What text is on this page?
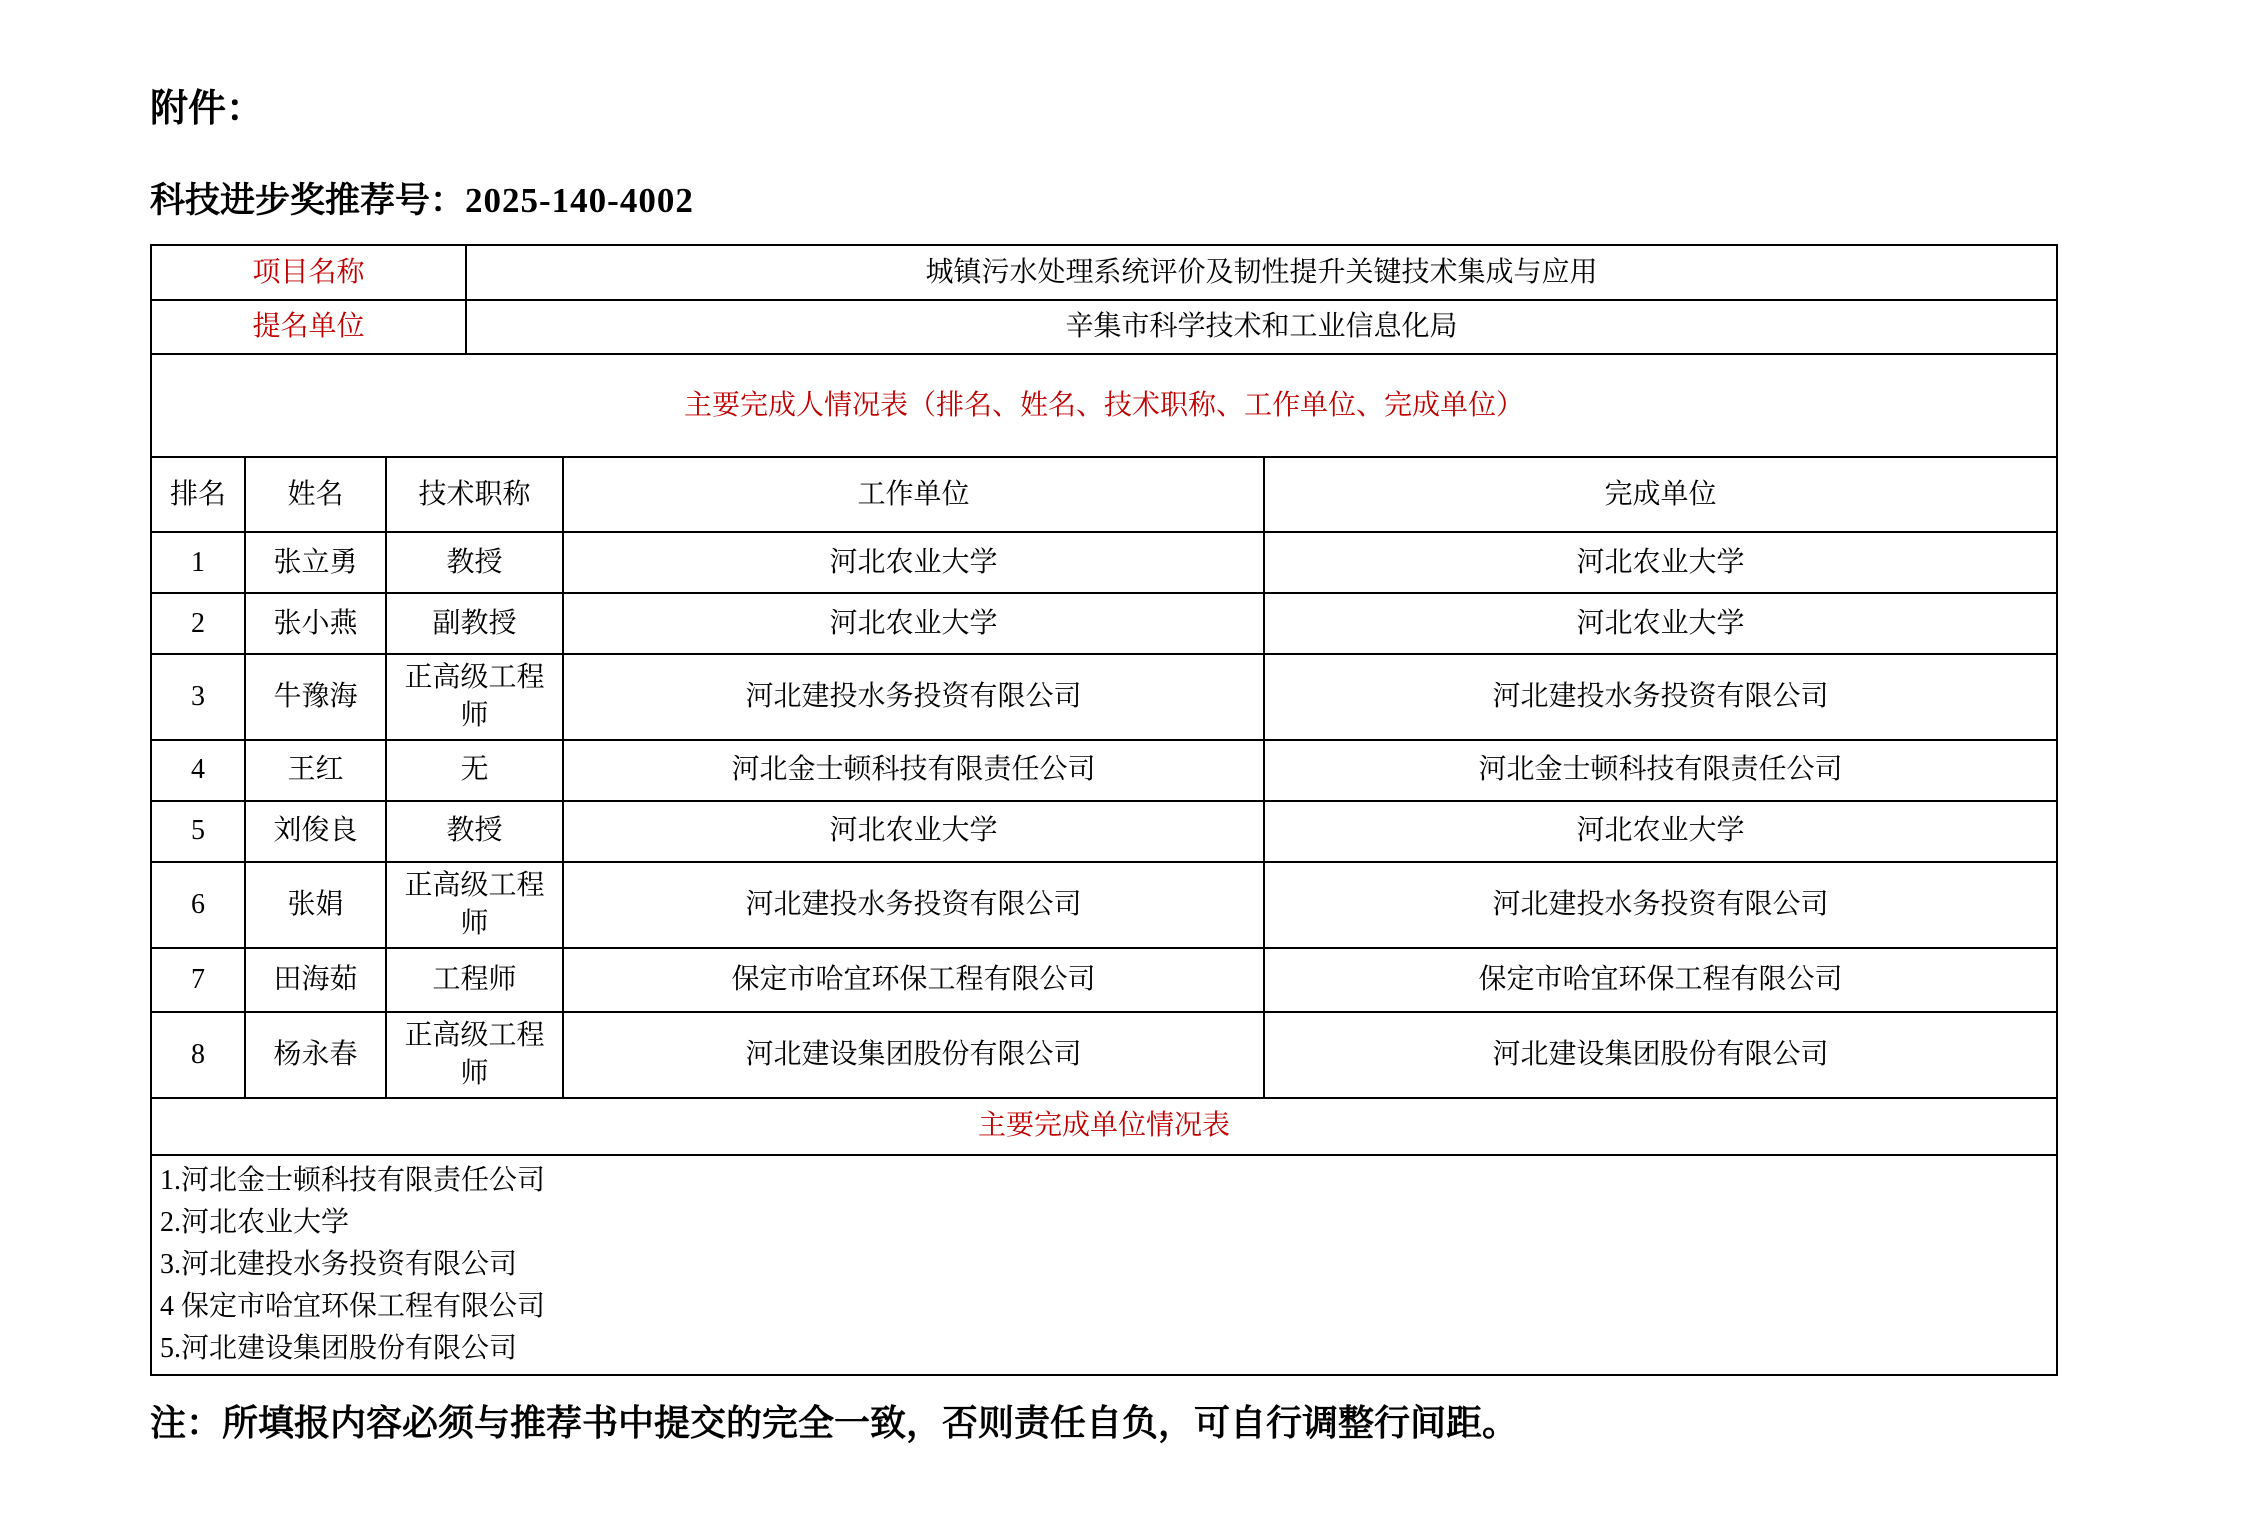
附件：
科技进步奖推荐号：2025-140-4002
项目名称	城镇污水处理系统评价及韧性提升关键技术集成与应用
提名单位	辛集市科学技术和工业信息化局
主要完成人情况表（排名、姓名、技术职称、工作单位、完成单位）	
排名	姓名	技术职称	工作单位	完成单位
1	张立勇	教授	河北农业大学	河北农业大学
2	张小燕	副教授	河北农业大学	河北农业大学
3	牛豫海	正高级工程师	河北建投水务投资有限公司	河北建投水务投资有限公司
4	王红	无	河北金士顿科技有限责任公司	河北金士顿科技有限责任公司
5	刘俊良	教授	河北农业大学	河北农业大学
6	张娟	正高级工程师	河北建投水务投资有限公司	河北建投水务投资有限公司
7	田海茹	工程师	保定市哈宜环保工程有限公司	保定市哈宜环保工程有限公司
8	杨永春	正高级工程师	河北建设集团股份有限公司	河北建设集团股份有限公司
主要完成单位情况表				

1.河北金士顿科技有限责任公司
2.河北农业大学
3.河北建投水务投资有限公司
4 保定市哈宜环保工程有限公司
5.河北建设集团股份有限公司				
注：所填报内容必须与推荐书中提交的完全一致，否则责任自负，可自行调整行间距。
